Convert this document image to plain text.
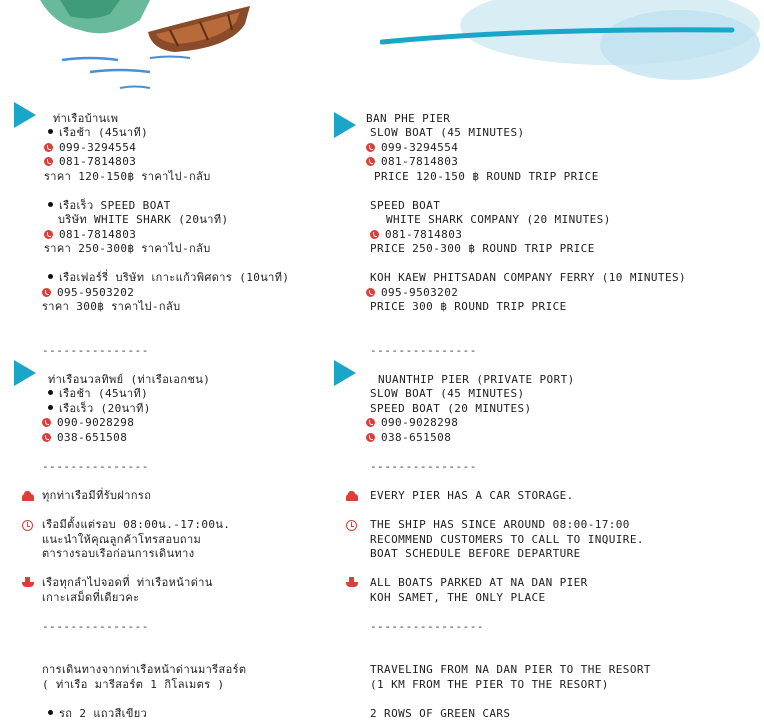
ท่าเรือบ้านเพ
เรือช้า (45นาที)
099-3294554
081-7814803
ราคา 120-150฿ ราคาไป-กลับ
เรือเร็ว SPEED BOAT
บริษัท WHITE SHARK (20นาที)
081-7814803
ราคา 250-300฿ ราคาไป-กลับ
เรือเฟอร์รี่ บริษัท เกาะแก้วพิศดาร (10นาที)
095-9503202
ราคา 300฿ ราคาไป-กลับ
---------------
ท่าเรือนวลทิพย์ (ท่าเรือเอกชน)
เรือช้า (45นาที)
เรือเร็ว (20นาที)
090-9028298
038-651508
---------------
ทุกท่าเรือมีที่รับฝากรถ
เรือมีตั้งแต่รอบ 08:00น.-17:00น.
แนะนำให้คุณลูกค้าโทรสอบถาม
ตารางรอบเรือก่อนการเดินทาง
เรือทุกลำไปจอดที่ ท่าเรือหน้าด่าน
เกาะเสม็ดที่เดียวคะ
---------------
การเดินทางจากท่าเรือหน้าด่านมารีสอร์ต
( ท่าเรือ มารีสอร์ต 1 กิโลเมตร )
รถ 2 แถวสีเขียว
BAN PHE PIER
SLOW BOAT (45 MINUTES)
099-3294554
081-7814803
PRICE 120-150 ฿ ROUND TRIP PRICE
SPEED BOAT
WHITE SHARK COMPANY (20 MINUTES)
081-7814803
PRICE 250-300 ฿ ROUND TRIP PRICE
KOH KAEW PHITSADAN COMPANY FERRY (10 MINUTES)
095-9503202
PRICE 300 ฿ ROUND TRIP PRICE
---------------
NUANTHIP PIER (PRIVATE PORT)
SLOW BOAT (45 MINUTES)
SPEED BOAT (20 MINUTES)
090-9028298
038-651508
---------------
EVERY PIER HAS A CAR STORAGE.
THE SHIP HAS SINCE AROUND 08:00-17:00
RECOMMEND CUSTOMERS TO CALL TO INQUIRE.
BOAT SCHEDULE BEFORE DEPARTURE
ALL BOATS PARKED AT NA DAN PIER
KOH SAMET, THE ONLY PLACE
----------------
TRAVELING FROM NA DAN PIER TO THE RESORT
(1 KM FROM THE PIER TO THE RESORT)
2 ROWS OF GREEN CARS
